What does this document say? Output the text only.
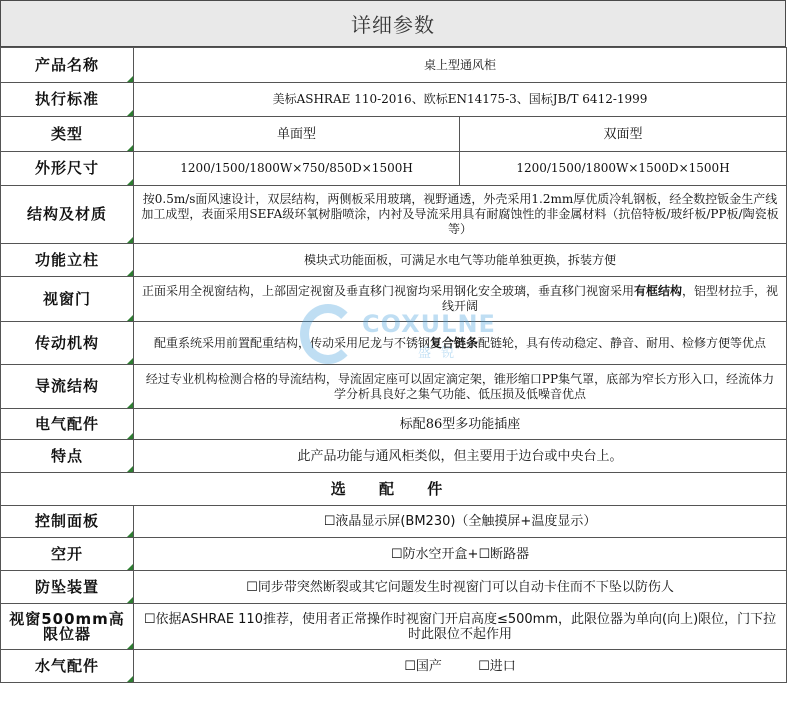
详细参数
产品名称	桌上型通风柜	
执行标准	美标ASHRAE 110-2016、欧标EN14175-3、国标JB/T 6412-1999	
类型	单面型	双面型
外形尺寸	1200/1500/1800W×750/850D×1500H	1200/1500/1800W×1500D×1500H
结构及材质	按0.5m/s面风速设计，双层结构，两侧板采用玻璃，视野通透，外壳采用1.2mm厚优质冷轧钢板，经全数控钣金生产线加工成型，表面采用SEFA级环氧树脂喷涂，内衬及导流采用具有耐腐蚀性的非金属材料（抗倍特板/玻纤板/PP板/陶瓷板等）	
功能立柱	模块式功能面板，可满足水电气等功能单独更换，拆装方便	
视窗门	正面采用全视窗结构，上部固定视窗及垂直移门视窗均采用钢化安全玻璃，垂直移门视窗采用有框结构，铝型材拉手，视线开阔	
传动机构	配重系统采用前置配重结构，传动采用尼龙与不锈钢复合链条配链轮，具有传动稳定、静音、耐用、检修方便等优点	
导流结构	经过专业机构检测合格的导流结构，导流固定座可以固定滴定架，锥形缩口PP集气罩，底部为窄长方形入口，经流体力学分析具良好之集气功能、低压损及低噪音优点	
电气配件	标配86型多功能插座	
特点	此产品功能与通风柜类似，但主要用于边台或中央台上。	
选 配 件		
控制面板	☐液晶显示屏(BM230)（全触摸屏+温度显示）	
空开	☐防水空开盒+☐断路器	
防坠装置	☐同步带突然断裂或其它问题发生时视窗门可以自动卡住而不下坠以防伤人	
视窗500mm高限位器	☐依据ASHRAE 110推荐，使用者正常操作时视窗门开启高度≤500mm，此限位器为单向(向上)限位，门下拉时此限位不起作用	
水气配件	☐国产 ☐进口	
COXULNE
盛 锐
